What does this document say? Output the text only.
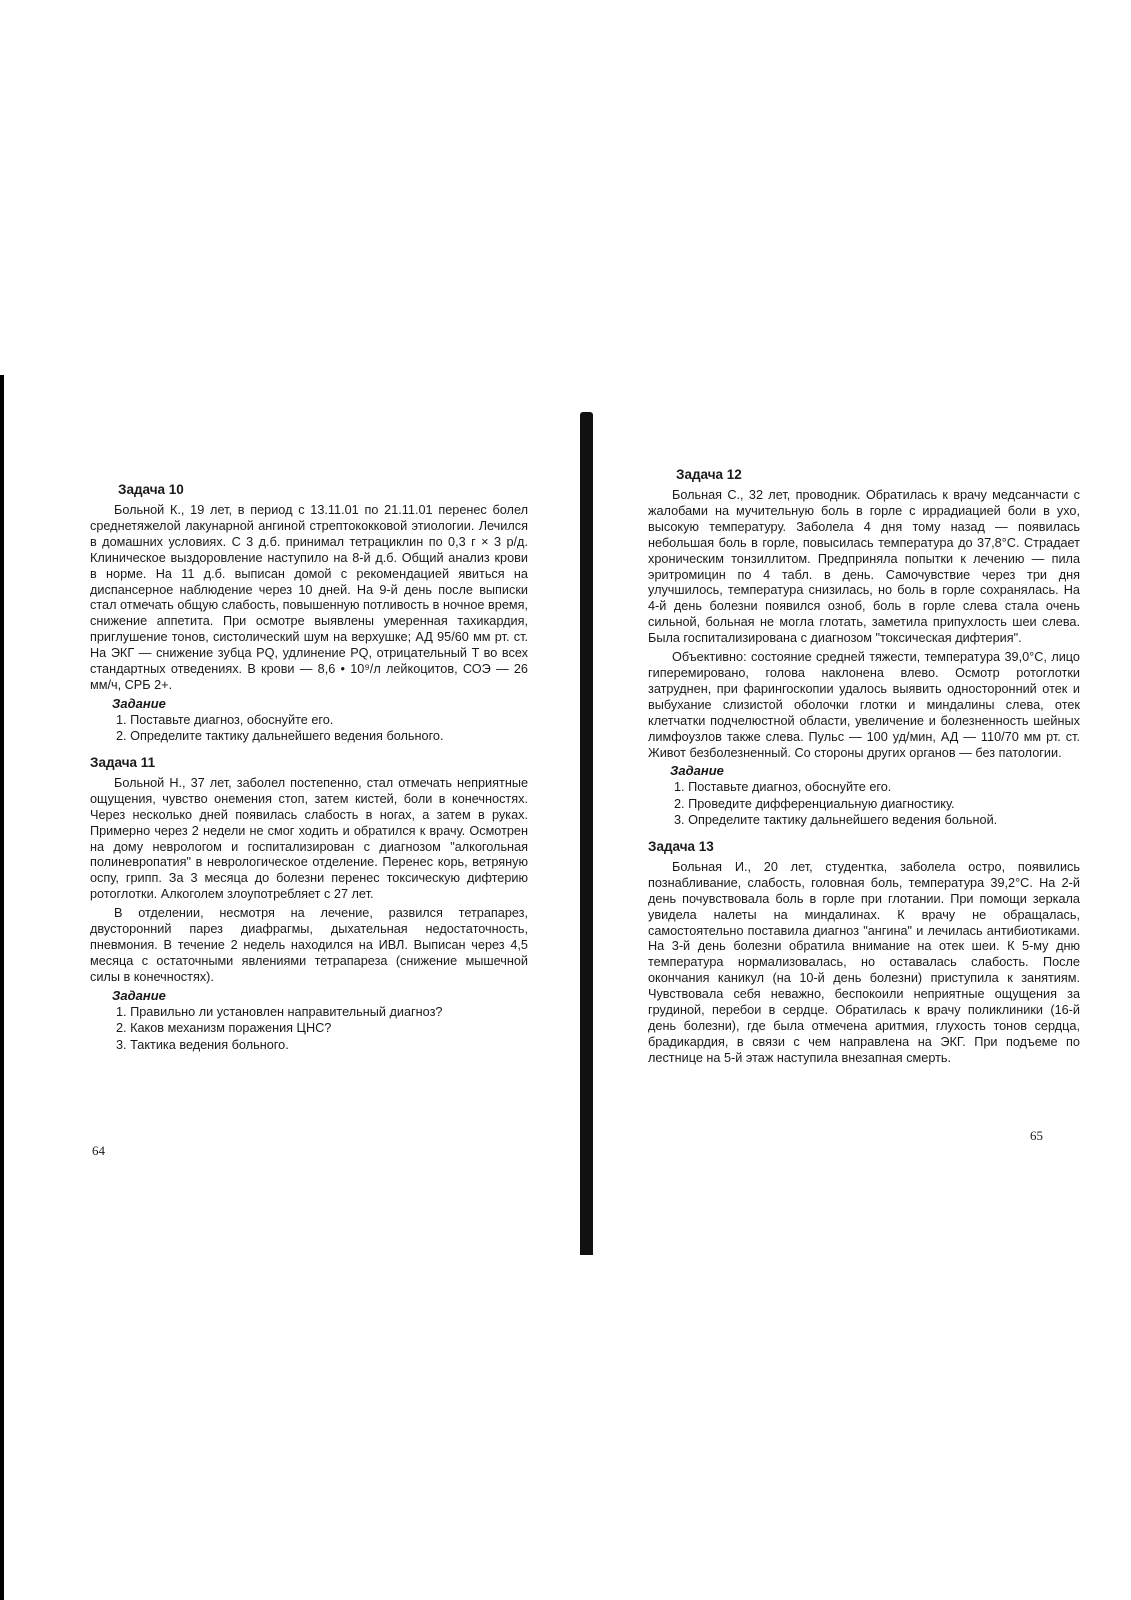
Задача 10

Больной К., 19 лет, в период с 13.11.01 по 21.11.01 перенес болел среднетяжелой лакунарной ангиной стрептококковой этиологии. Лечился в домашних условиях. С 3 д.б. принимал тетрациклин по 0,3 г × 3 р/д. Клиническое выздоровление наступило на 8-й д.б. Общий анализ крови в норме. На 11 д.б. выписан домой с рекомендацией явиться на диспансерное наблюдение через 10 дней. На 9-й день после выписки стал отмечать общую слабость, повышенную потливость в ночное время, снижение аппетита. При осмотре выявлены умеренная тахикардия, приглушение тонов, систолический шум на верхушке; АД 95/60 мм рт. ст. На ЭКГ — снижение зубца PQ, удлинение PQ, отрицательный T во всех стандартных отведениях. В крови — 8,6 • 10⁹/л лейкоцитов, СОЭ — 26 мм/ч, СРБ 2+.

Задание
1. Поставьте диагноз, обоснуйте его.
2. Определите тактику дальнейшего ведения больного.
Задача 11

Больной Н., 37 лет, заболел постепенно, стал отмечать неприятные ощущения, чувство онемения стоп, затем кистей, боли в конечностях. Через несколько дней появилась слабость в ногах, а затем в руках. Примерно через 2 недели не смог ходить и обратился к врачу. Осмотрен на дому неврологом и госпитализирован с диагнозом "алкогольная полиневропатия" в неврологическое отделение. Перенес корь, ветряную оспу, грипп. За 3 месяца до болезни перенес токсическую дифтерию ротоглотки. Алкоголем злоупотребляет с 27 лет.

В отделении, несмотря на лечение, развился тетрапарез, двусторонний парез диафрагмы, дыхательная недостаточность, пневмония. В течение 2 недель находился на ИВЛ. Выписан через 4,5 месяца с остаточными явлениями тетрапареза (снижение мышечной силы в конечностях).

Задание
1. Правильно ли установлен направительный диагноз?
2. Каков механизм поражения ЦНС?
3. Тактика ведения больного.
64
Задача 12

Больная С., 32 лет, проводник. Обратилась к врачу медсанчасти с жалобами на мучительную боль в горле с иррадиацией боли в ухо, высокую температуру. Заболела 4 дня тому назад — появилась небольшая боль в горле, повысилась температура до 37,8°С. Страдает хроническим тонзиллитом. Предприняла попытки к лечению — пила эритромицин по 4 табл. в день. Самочувствие через три дня улучшилось, температура снизилась, но боль в горле сохранялась. На 4-й день болезни появился озноб, боль в горле слева стала очень сильной, больная не могла глотать, заметила припухлость шеи слева. Была госпитализирована с диагнозом "токсическая дифтерия".

Объективно: состояние средней тяжести, температура 39,0°С, лицо гиперемировано, голова наклонена влево. Осмотр ротоглотки затруднен, при фарингоскопии удалось выявить односторонний отек и выбухание слизистой оболочки глотки и миндалины слева, отек клетчатки подчелюстной области, увеличение и болезненность шейных лимфоузлов также слева. Пульс — 100 уд/мин, АД — 110/70 мм рт. ст. Живот безболезненный. Со стороны других органов — без патологии.

Задание
1. Поставьте диагноз, обоснуйте его.
2. Проведите дифференциальную диагностику.
3. Определите тактику дальнейшего ведения больной.
Задача 13

Больная И., 20 лет, студентка, заболела остро, появились познабливание, слабость, головная боль, температура 39,2°С. На 2-й день почувствовала боль в горле при глотании. При помощи зеркала увидела налеты на миндалинах. К врачу не обращалась, самостоятельно поставила диагноз "ангина" и лечилась антибиотиками. На 3-й день болезни обратила внимание на отек шеи. К 5-му дню температура нормализовалась, но оставалась слабость. После окончания каникул (на 10-й день болезни) приступила к занятиям. Чувствовала себя неважно, беспокоили неприятные ощущения за грудиной, перебои в сердце. Обратилась к врачу поликлиники (16-й день болезни), где была отмечена аритмия, глухость тонов сердца, брадикардия, в связи с чем направлена на ЭКГ. При подъеме по лестнице на 5-й этаж наступила внезапная смерть.

65
